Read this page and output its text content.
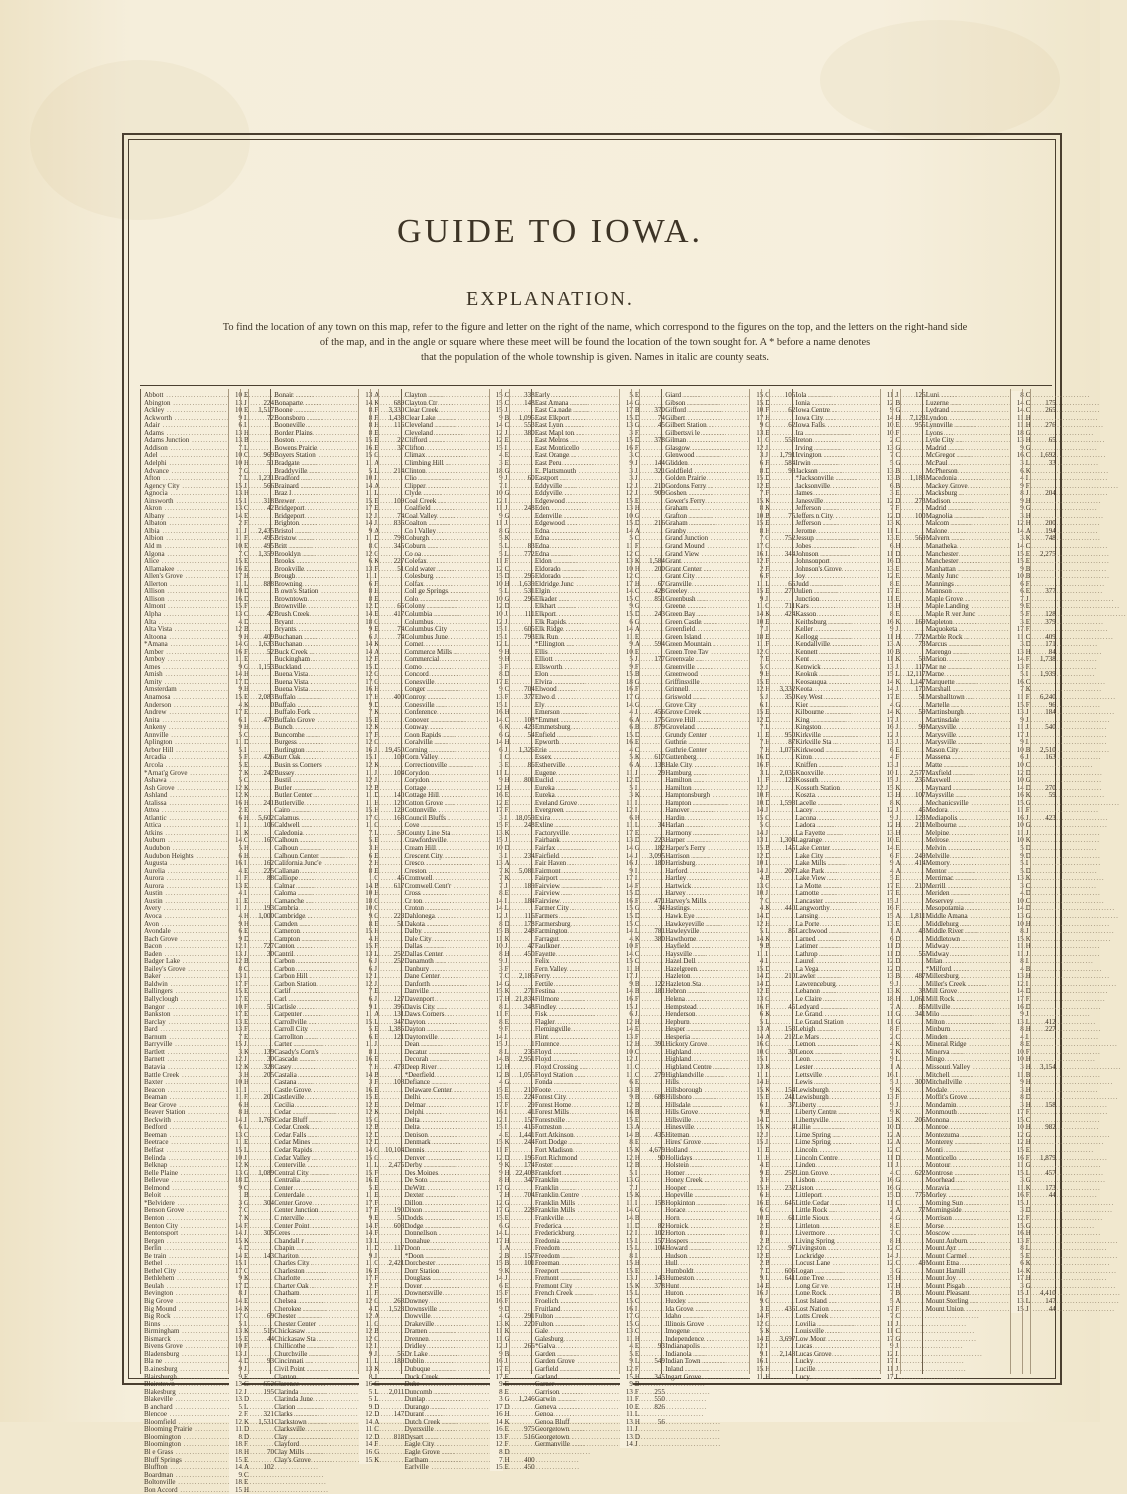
GUIDE TO IOWA.
EXPLANATION.
To find the location of any town on this map, refer to the figure and letter on the right of the name, which correspond to the figures on the top, and the letters on the right-hand side
of the map, and in the angle or square where these meet will be found the location of the town sought for. A * before a name denotes
that the population of the whole township is given. Names in italic are county seats.
Abbott .....	10 E
Abington .....	13 J	224
Ackley .....	10 E	1,517
Ackworth .....	9 I	72
Adair .....	6 I
Adams .....	13 H
Adams Junction .....	13 B
Addison .....	7 L
Adel .....	10 C	969
Adelphi .....	10 H	51
Advance .....	7 G
Afton .....	7 L	1,231
Agency City .....	15 J	566
Agnocia .....	13 H
Ainsworth .....	15 I	318
Akron .....	13 C	42
Albany .....	14 E
Albaton .....	2 F
Albia .....	11 J	2,435
Albion .....	11 F	495
Ald m .....	10 E	495
Algona .....	7 C	1,359
Alice .....	15 E
Allamakee .....	16 E
Allen's Grove .....	17 H
Allerton .....	11 L	888
Allison .....	10 D
Allison .....	16 D
Almont .....	15 F
Alpha .....	13 C	42
Alta .....	4 D
Alta Vista .....	12 B
Altoona .....	9 H	409
*Amana .....	14 G	1,633
Amber .....	16 F	52
Amboy .....	11 E
Ames .....	9 G	1,153
Amish .....	14 H
Amity .....	17 D
Amsterdam .....	9 H
Anamosa .....	15 E	2,083
Anderson .....	4 K	0
Andrew .....	17 E
Anita .....	6 I	479
Ankeny .....	9 H
Annville .....	5 C
Aplington .....	11 D
Arbor Hill .....	5 I
Arcadia .....	5 F	426
Arcola .....	5 E
*Arnat'g Grove .....	7 K	242
Ashawa .....	5 C
Ash Grove .....	12 K
Ashland .....	12 K
Atalissa .....	16 H	241
Attea .....	2 E
Atlantic .....	6 H	5,602
Attica .....	11 I	106
Atkins .....	11 K
Auburn .....	14 C	167
Audubon .....	5 H
Audubon Heights .....	6 H
Augusta .....	16 I	162
Aurelia .....	4 E	225
Aurora .....	11 F	88
Aurora .....	13 E
Austin .....	4 I
Austin .....	11 E
Avery .....	11 J	193
Avoca .....	4 H	1,000
Avon .....	9 H
Avondale .....	6 E
Bach Grove .....	9 D
Bacon .....	12 I	727
Baden .....	13 J	30
Badger Lake .....	12 B
Bailey's Grove .....	8 C
Baker .....	13 I
Baldwin .....	17 F
Ballingers .....	15 E
Ballyclough .....	17 E
Bangor .....	10 F	51
Bankston .....	17 E
Barclay .....	13 E
Bard .....	13 F
Barnum .....	7 E
Barryville .....	15 J
Bartlett .....	3 K	139
Barnett .....	12 J	30
Batavia .....	12 K	328
Battle Creek .....	3 H	205
Baxter .....	10 H
Beacon .....	11 I
Beaman .....	11 F	201
Bear Grove .....	6 H
Beaver Station .....	8 H
Beckwith .....	14 J	1,763
Bedford .....	6 L
Beeman .....	13 C
Beetrace .....	11 E
Belfast .....	15 L
Belinda .....	10 J
Belknap .....	12 K
Belle Plaine .....	13 G	1,089
Bellevue .....	18 D
Belmond .....	9 C
Beloit .....	1 B
*Belvidere .....	3 G	304
Benson Grove .....	7 C
Benton .....	7 K
Benton City .....	14 F
Bentonsport .....	14 J	305
Bergen .....	15 K
Berlin .....	4 D
Be train .....	14 E	143
Bethel .....	15 I
Bethel City .....	17 C
Bethlehem .....	9 K
Beulah .....	17 D
Bevington .....	8 J
Big Grove .....	14 E
Big Mound .....	14 K
Big Rock .....	17 G	69
Binns .....	5 I
Birmingham .....	13 K	515
Bismarck .....	15 E	44
Bivens Grove .....	10 F
Bladensburg .....	13 J
Bla ne .....	4 D	93
B.ainesburg .....	9 J
Blairsburgh .....	9 E
Blairstown .....	13 G	652
Blakesburg .....	12 J	195
Blakeville .....	13 D
B anchard .....	5 L
Blencoe .....	2 F	321
Bloomfield .....	12 K	1,531
Blooming Prairie .....	11 D
Bloomington .....	8 D
Bloomington .....	18 F
Bl e Grass .....	18 H	70
Bluff Springs .....	15 E
Bluffton .....	14 A	102
Boardman .....	9 C
Boltonville .....	18 E
Bon Accord .....	15 H
Bonair .....	13 A
Bonaparte .....	14 K	689
Boone .....	8 F	3,330
Boonsboro .....	8 F	1,438
Booneville .....	8 H	116
Border Plains .....	8 E
Boston .....	15 E	22
Bowens Prairie .....	16 E	37
Boyers Station .....	15 G
Bradgate .....	11 A
Braddyville .....	5 L	214
Bradford .....	10 I
Brainard .....	14 A
Braz l .....	11 L
Brewer .....	15 E	109
Bridgeport .....	17 E
Bridgeport .....	12 J	74
Brighton .....	14 J	836
Bristol .....	9 A
Bristow .....	11 D	798
Britt .....	8 C	345
Brooklyn .....	12 G
Brooks .....	6 K	227
Brookville .....	13 F	51
Brough .....	11 I
Browning .....	6 F
B own's Station .....	8 H
Browntown .....	8 E
Brownville .....	12 D	65
Brush Creek .....	14 E	417
Bryant .....	18 G
Bryants .....	9 E	74
Buchanan .....	6 J	74
Buchanan .....	14 K
Buck Creek .....	14 A
Buckingham .....	12 F
Buckland .....	15 D
Buena Vista .....	12 G
Buena Vista .....	17 G
Buena Vista .....	16 H
Buffalo .....	17 H	400
Buffalo .....	9 D
Buffalo Fork .....	7 K
Buffalo Grove .....	15 E
Bunch .....	12 K
Buncombe .....	17 F
Burgess .....	12 C
Burlington .....	16 J	19,450
Burr Oak .....	15 I	109
Busin ss Corners .....	12 K
Bussey .....	11 J	104
Bustil .....	12 J
Butler .....	12 B
Butler Center .....	11 D	140
Butlerville .....	11 H	120
Cairo .....	15 H	129
Calamus .....	17 G	163
Caldwell .....	11 C
Caledonia .....	7 L	59
Calhoun .....	5 E
Calhoun .....	3 H
Calhoun Center .....	6 E
California Junc'e .....	2 H
Callanan .....	8 E
Calliope .....	1 C	45
Calmar .....	14 B	617
Caloma .....	10 H
Camanche .....	18 G
Cambria .....	10 C
Cambridge .....	9 G	223
Camden .....	8 E	51
Cameron .....	15 H
Campton .....	4 H
Canton .....	15 F
Cantril .....	13 L	252
Carbon .....	6 J	252
Carbon .....	6 J
Carbon Hill .....	12 I
Carbon Station .....	12 J
Carlif .....	7 E
Carl .....	6 J	127
Carlisle .....	9 I	395
Carpenter .....	11 A	131
Carrollville .....	15 L	347
Carroll City .....	5 E	1,385
Carrollton .....	6 E	121
Carter .....	11 J
Casady's Corn's .....	8 I
Cascade .....	16 E
Casey .....	7 H	473
Castalia .....	14 B
Castana .....	3 F	108
Castle Grove .....	16 E
Castleville .....	15 E
Cecilia .....	12 E
Cedar .....	12 K
Cedar Bluff .....	15 G
Cedar Creek .....	12 B
Cedar Falls .....	12 D
Cedar Mines .....	12 D
Cedar Rapids .....	14 G 10,104
Cedar Valley .....	15 G
Centerville .....	11 L	2,475
Central City .....	15 F
Centralia .....	16 E
Center .....	5 E
Centerdale .....	11 E
Center Grove .....	17 F
Center Junction .....	17 F	190
C nterville .....	9 E	50
Center Point .....	14 F	603
Ceres .....	14 F
Chandall r .....	13 L
Chapin .....	11 D	117
Chariton .....	9 J
Charles City .....	11 C	2,421
Charleston .....	16 F
Charlotte .....	17 F
Charter Oak .....	2 F
Chatham .....	11 F
Chelsea .....	12 G	263
Cherokee .....	4 D	1,523
Chester .....	12 A
Chester Center .....	11 G
Chickasaw .....	12 B
Chickasaw Sta .....	12 C
Chillicothe .....	12 I
Churchville .....	9 J	56
Cincinnati .....	11 L	189
Civil Point .....	13 K
Clanton .....	8 J
Clarence .....	16 G
Clarinda .....	5 L	2,011
Clarinda June .....	5 L
Clarion .....	9 D
Clarks .....	12 D	147
Clarkstown .....	14 A
Clarksville .....	11 C
Clay .....	12 D	818
Clayford .....	14 F
Clay Mills .....	16 G
Clay's Grove .....	15 K
Clayton .....	15 C	338
Clayton Ctr .....	15 C	148
Clear Creek .....	15 J
Clear Lake .....	9 B	1,095
Cleveland .....	14 C	553
Cleveland .....	12 J	380
Clifford .....	12 E
Clifton .....	15 I
Climax .....	4 E
Climbing Hill .....	3 E
Clinton .....	18 G
Clio .....	9 J	60
Clipper .....	7 I
Clyde .....	10 G
Coal Creek .....	12 I
Coalfield .....	11 J	248
Coal Valley .....	9 G
Coalton .....	11 J
Co l Valley .....	8 G
Coburgh .....	5 K
Coburn .....	5 L	83
Co oa .....	5 L	772
Colefax .....	11 F
Cold water .....	12 C
Colesburg .....	15 D	295
Colfax .....	10 H	1,639
Coll ge Springs .....	5 L	531
Colo .....	10 G	296
Colony .....	12 D
Columbia .....	10 J	111
Columbus .....	12 J
Columbus City .....	15 I	605
Columbus June .....	15 I	793
Comet .....	12 L
Commerce Mills .....	9 H
Commercial .....	9 H
Como .....	3 F
Concord .....	8 D
Conesville .....	17 E
Conger .....	9 C	704
Conroy .....	13 F	377
Conesville .....	15 I
Conference .....	16 H
Conover .....	14 C	108
Conway .....	6 K	423
Coon Rapids .....	6 G	54
Coralville .....	14 H
Corning .....	6 J	1,326
Corn Valley .....	1 C
Correctionville .....	3 E	86
Corydon .....	11 L
Corydon .....	9 H	801
Cottage .....	12 H
Cottage Hill .....	16 E
Cotton Grove .....	12 E
Cottonville .....	17 F
Council Bluffs .....	3 I	18,059
Cove .....	15 F	248
County Line Sta .....	13 K
Crawfordsville .....	15 J
Cream Hill .....	10 D
Crescent City .....	3 I	234
Cresco .....	13 A
Creston .....	7 K	5,081
Cromwell .....	7 K
Cromwell Cent'r .....	7 J	189
Cross .....	8 E
Cr ton .....	14 I	184
Croton .....	14 L
Dahlonega .....	12 J	116
Dakota .....	8 D	178
Dalby .....	15 B	248
Dale City .....	11 K
Dallas .....	10 J	47
Dallas Center .....	8 H	450
Danamoth .....	9 J
Danbury .....	3 F
Dane Center .....	7 C	2,185
Danforth .....	14 G
Danville .....	15 K	271
Davenport .....	17 H 21,834
Davis City .....	8 L	348
Daws Corners .....	11 F
Dayton .....	8 E
Dayton .....	9 F
Daytonville .....	14 I
Dean .....	15 J	1
Decatur .....	8 L	235
Decorah .....	14 B	2,951
Deep River .....	12 H
*Deerfield .....	12 B	1,055
Defiance .....	4 G
Delaware Center .....	15 E	210
Delhi .....	15 E	224
Delmar .....	17 F	29
Delphi .....	16 I	41
Delta .....	12 I	157
Delta .....	15 I	416
Denison .....	4 E	1,441
Denmark .....	15 K	244
Dennis .....	11 F
Denver .....	12 D	195
Derby .....	9 K	174
Des Moines .....	9 H 22,408
De Soto .....	8 H	347
DeWitt .....	17 G
Dexter .....	7 H	704
Dillon .....	12 G
Dixon .....	17 G	228
Dodds .....	15 E
Dodge .....	6 G
Donnellson .....	14 L
Donahue .....	17 H
Doon .....	1 A
*Doon .....	2 B	157
Dorchester .....	15 B	101
Dorr Station .....	9 K
Douglass .....	14 J
Dover .....	6 E
Downersville .....	15 F
Downey .....	16 F
Downsville .....	9 D
Dowville .....	4 G	291
Drakeville .....	13 K	220
Dramen .....	11 K
Drennen .....	11 G
Dridley .....	12 J	266
Dr Lake .....	9 B
Dublin .....	16 J
Dubuque .....	17 E
Duck Creek .....	17 E
Duke .....	9 E
Duncomb .....	8 E
Dunlap .....	3 G	1,246
Durango .....	17 D
Durant .....	16 H
Dutch Creek .....	14 K
Dyersville .....	16 E	975
Dysart .....	13 F	516
Eagle City .....	12 F
Eagle Grove .....	8 D
Earlham .....	7 H	400
Earlville .....	15 E	450
Early .....	5 E
East Amana .....	14 G
East Ca.nade .....	17 B	370
East Elkport .....	15 D	74
East Lynn .....	13 G	45
East Mapl ton .....	3 F
East Melros .....	15 D	378
East Monticello .....	16 F
East Orange .....	3 C
East Peru .....	9 J	144
E. Plattsmouth .....	3 J	321
Eastport .....	3 J
Eddyville .....	12 J	210
Eddyville .....	12 J	909
Edgewood .....	15 E
Eden .....	13 H
Edenville .....	10 G
Edgewood .....	15 D	216
Edna .....	14 A
Edna .....	5 C
Edna .....	11 F
Edna .....	12 C
Eldon .....	13 K	1,584
Eldorado .....	10 H	200
Eldorado .....	12 C
Eldridge Junc .....	17 H	67
Elgin .....	14 C	428
Elkader .....	15 C	851
Elkhart .....	9 G
Elkport .....	15 D	243
Elk Rapids .....	6 G
Elk Ridge .....	14 A
Elk Run .....	11 E
*Ellington .....	9 A	594
Ellis .....	10 E
Elliott .....	5 J	177
Ellsworth .....	9 F
Elon .....	15 B
Elvira .....	18 G
Elwood .....	16 F
Elwo d .....	17 G
Ely .....	14 G
Emerson .....	4 J	456
*Emmet .....	6 A	175
Emmetsburg .....	6 B	879
Enfield .....	15 D
Epworth .....	16 E
Erie .....	4 C
Essex .....	5 K	617
Estherville .....	6 A	138
Eugene .....	11 J	29
Euclid .....	12 D
Eureka .....	5 I
Eureka .....	3 K
Eveland Grove .....	11 I
Evergreen .....	12 I
Exira .....	6 H
Exline .....	11 L	34
Factoryville .....	17 E
Fairbank .....	13 D	223
Fairfax .....	14 G	182
Fairfield .....	14 J	3,095
Fair Haven .....	16 J	180
Fairmont .....	9 I
Fairport .....	17 I
Fairview .....	14 F
Fairview .....	15 D
Fairview .....	16 F	471
Farmer City .....	15 G	34
Farmers .....	15 D
Farmersburg .....	15 C
Farmington .....	14 L	781
Farragut .....	4 K	380
Faulkner .....	10 F
Fayette .....	14 C
Felix .....	15 C
Fern Valley .....	11 H
Ferry .....	17 J
Fertile .....	9 B	122
Festina .....	14 B	181
Fillmore .....	16 F
Findley .....	15 J
Fisk .....	6 J
Flagler .....	12 H
Flemingville .....	14 E
Flint .....	13 F
Florence .....	12 H	391
Floyd .....	10 C
Floyd .....	12 J
Floyd Crossing .....	11 C
Floyd Station .....	11 C	279
Fonda .....	6 E
Foote .....	13 B
Forest City .....	9 B	688
Forest Home .....	12 B
Forest Mills .....	16 B
Forestville .....	15 E
Forreston .....	13 A
Fort Atkinson .....	14 B	435
Fort Dodge .....	8 E
Fort Madison .....	15 K	4,679
Fort Richmond .....	12 H	90
Foster .....	12 B
Frankfort .....	5 I
Franklin .....	13 G
Franklin .....	7 J
Franklin Centre .....	15 K
Franklin Mills .....	11 I	158
Franklin Mills .....	14 G
Frankville .....	14 B
Frederica .....	11 D	82
Frederickburg .....	12 I	102
Fredonia .....	15 I	157
Freedom .....	15 L	104
Freedom .....	8 I
Freeman .....	15 H
Freeport .....	15 E
Fremont .....	13 J	143
Fremont City .....	15 K	378
French Creek .....	15 L
Froelich .....	15 C
Fruitland .....	16 I
Fulton .....	17 G
Fulton .....	15 G
Gale .....	13 C
Galesburg .....	11 H
*Galva .....	4 E	93
Garden .....	5 E
Garden Grove .....	9 L	549
Garfield .....	12 F
Garland .....	15 H	345
Garner .....	9 B
Garrison .....	13 F	255
Garwin .....	11 F	550
Geneva .....	10 E	826
Genoa .....	11 L
Genoa Bluff .....	13 H	56
Georgetown .....	11 J
Georgetown .....	13 D
Germanville .....	14 J
Giard .....	15 C	105
Gibson .....	15 D
Gifford .....	10 F	62
Gilbert .....	17 H
Gilbert Station .....	9 G	62
Gilbertsvi le .....	13 E
Gilman .....	11 G	553
Glasgow .....	12 J
Glenwood .....	3 J	1,791
Glidden .....	6 F	584
Goldfield .....	8 D	99
Golden Prairie .....	15 D
Gordons Ferry .....	12 E
Goshen .....	7 F
Gower's Ferry .....	15 K
Graham .....	8 K
Grafton .....	10 B	75
Graham .....	15 E
Granby .....	8 H
Grand Junction .....	7 G	752
Grand Mound .....	17 G
Grand View .....	16 I	344
Grant .....	12 F
Grant Center .....	2 F
Grant City .....	6 F
Granville .....	11 L	66
Greeley .....	15 E	270
Greenbush .....	9 J
Greene .....	11 C	711
Green Bay .....	14 K	424
Green Castle .....	10 E
Greenfield .....	7 J
Green Island .....	18 E
Green Mountain .....	11 F
Green Tree Tav .....	12 G
Greenvale .....	7 E
Greenville .....	5 C
Greenwood .....	9 H
Griffinsville .....	15 E
Grinnell .....	12 H	3,332
Griswold .....	5 J	350
Grove City .....	6 I
Grove Creek .....	15 E
Grove Hill .....	12 D
Groveland .....	7 L
Grundy Center .....	11 E	950
Guthrie .....	7 H	87
Guthrie Center .....	7 H	1,076
Guttenberg .....	16 D
Hale City .....	16 F
Hamburg .....	3 L	2,036
Hamilton .....	11 F	123
Hamilton .....	12 J
Hamptonsburgh .....	10 F
Hampton .....	10 D	1,598
Hanover .....	14 J
Hardin .....	15 C
Harlan .....	5 G
Harmony .....	14 J
Harper .....	13 I	1,304
Harper's Ferry .....	15 B	145
Harrison .....	12 D
Harrisburg .....	10 I
Harford .....	14 J	207
Hartley .....	4 B
Hartwick .....	13 G
Harvey .....	10 J
Harvey's Mills .....	7 C
Hastings .....	4 K	440
Hawk Eye .....	14 D
Hawkeyeville .....	12 H
Hawleyville .....	5 L	85
Hawthorne .....	14 K
Hayfield .....	9 B
Haysville .....	11 I
Hazel Dell .....	4 I
Hazelgreen .....	15 D
Hazleton .....	14 D	210
Hazleton Sta .....	14 D
Hebron .....	12 E
Helena .....	13 G
Hempstead .....	16 F	45
Henderson .....	6 K
Hepburn .....	5 L
Hesper .....	13 A	153
Hesperia .....	14 A	212
Hickory Grove .....	16 G
Highland .....	10 G	30
Highland .....	15 I
Highland Centre .....	13 K
Highlandville .....	11 I
Hills .....	14 H
Hillsborough .....	15 K	154
Hillsboro .....	15 E	241
Hillsdale .....	6 I	37
Hills Grove .....	9 B
Hillsville .....	14 D
Hinesville .....	15 K	4
Hiteman .....	12 J
Hires' Grove .....	15 J
Holland .....	11 E
Hollidays .....	11 H
Holstein .....	4 E
Homer .....	9 E	252
Honey Creek .....	3 H
Hooper .....	15 H	232
Hopeville .....	6 H
Hopkinton .....	16 E	645
Horace .....	6 G
Horn .....	10 E	61
Hornick .....	2 E
Horton .....	8 I
Hospers .....	2 B
Howard .....	12 C	97
Hudson .....	12 E
Hull .....	2 B
Humboldt .....	7 D	606
Humeston .....	9 L	641
Hunt .....	14 E
Huron .....	16 J
Huxley .....	9 G
Ida Grove .....	3 E	436
Idaho .....	14 F
Illinois Grove .....	12 G
Imogene .....	5 K
Independence .....	14 E	3,697
Indianapolis .....	12 I
Indianola .....	9 I	2,148
Indian Town .....	16 I
Inland .....	15 H
Ingart Grove .....	11 H
Iola .....	11 J	126
Ionia .....	12 B
Iowa Centre .....	9 G
Iowa City .....	14 H	7,123
Iowa Falls .....	10 E	955
Ira .....	10 F
Ireton .....	2 C
Irving .....	13 G
Irvington .....	7 C
Irwin .....	5 G
Jackson .....	13 B
*Jacksonville .....	13 B	1,183
Jacksonville .....	6 B
James .....	3 E
Janesville .....	12 D	273
Jefferson .....	7 F
Jeffers n City .....	12 D	100
Jefferson .....	13 K
Jerome .....	11 L
Jessup .....	13 E	569
Jobes .....	6 H
Johnson .....	11 D
Johnsonport .....	16 D
Johnson's Grove .....	13 E
Joy .....	12 E
Judd .....	8 E
Julien .....	17 E
Junction .....	11 E
Kars .....	13 H
Kasson .....	8 E
Keithsburg .....	16 K	169
Keller .....	9 J
Kellogg .....	11 H	772
Kendallville .....	13 A	73
Kennett .....	10 B
Kent .....	11 K	59
Kenwick .....	13 J	117
Keokuk .....	15 L 12,117
Keosauqua .....	14 K	1,147
Keota .....	14 J	170
Key West .....	17 E	51
Kier .....	4 G
Kilbourne .....	14 K	59
King .....	17 J
Kingston .....	16 J	99
Kirkville .....	12 J
Kirkville Sta .....	13 J
Kirkwood .....	6 E
Kiron .....	4 F
Kniffen .....	13 J
Knoxville .....	10 I	2,577
Kossuth .....	15 J	235
Kossuth Station .....	15 K
Koszta .....	13 H	107
Lacelle .....	8 K
Lacey .....	12 J	45
Lacona .....	9 J	123
Ladora .....	12 H	211
La Fayette .....	13 H
Lagrange .....	10 E
Lake Center .....	14 E
Lake City .....	6 F	249
Lake Mills .....	9 A	414
Lake Park .....	4 A
Lake View .....	5 E
La Motte .....	17 E	210
Lamotte .....	17 E
Lancaster .....	15 J
Langworthy .....	16 F
Lansing .....	15 A	1,811
La Porte .....	13 E
Larchwood .....	1 A	43
Larned .....	6 D
Latimer .....	11 D
Lathrop .....	11 D	56
Laurel .....	12 D
La Vega .....	12 D
Lawler .....	13 B	487
Lawrenceburg .....	9 J
Lebanon .....	13 K	38
Le Claire .....	18 H	1,061
Ledyard .....	7 A	86
Le Grand .....	11 G	341
Le Grand Station .....	11 G
Lehigh .....	8 F
Le Mars .....	2 C
Lemon .....	4 K
Lenox .....	7 K
Leon .....	9 L
Lester .....	1 A
Lettsville .....	16 I
Lewis .....	5 J	300
Lewisburgh .....	9 K
Lewisburgh .....	13 F
Liberty .....	9 J
Liberty Centre .....	9 K
Libertyville .....	13 K	206
Lillie .....	10 D
Lime Spring .....	12 A
Lime Spring .....	12 A
Lincoln .....	12 C
Lincoln Centre .....	11 D
Linden .....	11 J
Linn Grove .....	4 C	622
Lisbon .....	16 G
Liston .....	16 G
Littleport .....	15 D	776
Little Cedar .....	11 C
Little Rock .....	2 A	77
Little Sioux .....	4 G
Littleton .....	8 E
Livermore .....	7 C
Living Spring .....	8 H
Livingston .....	12 C
Lockridge .....	14 J
Locust Lane .....	12 C	49
Logan .....	3 G
Lone Tree .....	15 H
Long Gr ve .....	17 H
Lone Rock .....	7 B
Lost Island .....	5 A
Lost Nation .....	17 F
Lotts Creek .....	7 C
Lovilia .....	11 J
Louisville .....	11 C
Low Moor .....	17 G
Lucas .....	9 J
Lucas Grove .....	12 I
Lucky .....	17 I
Lucille .....	11 J
Lucy .....	17 I
Luni .....	8 C
Luzerne .....	14 C	175
Lydrand .....	14 C	265
Lyndon .....	11 H
Lynnville .....	11 H	276
Lyons .....	18 G
Lytle City .....	13 H	65
Madrid .....	9 G
McGregor .....	16 C	1,692
McPaul .....	3 L	33
McPherson .....	6 K
Macedonia .....	4 I
Mackey Grove .....	9 F
Macksburg .....	8 J	204
Madison .....	9 H
Madrid .....	9 G
Magnolia .....	3 H
Malcom .....	12 H	200
Malone .....	14 A	194
Malvern .....	3 K	748
Manatheka .....	14 C
Manchester .....	15 E	2,275
Manchester .....	15 E
Manhattan .....	9 B
Manly Junc .....	10 B
Mannings .....	6 F
Mannson .....	6 E	377
Maple Grove .....	7 J
Maple Landing .....	9 E
Maple R ver Junc .....	5 F	128
Mapleton .....	3 E	379
Maquoketa .....	17 F
Marble Rock .....	11 C	409
Marcus .....	3 D	171
Marengo .....	13 H	84
Marion .....	14 F	1,738
Mar ne .....	13 F
Marne .....	5 I	1,939
Marquette .....	16 C
Marshall .....	7 K
Marshalltown .....	11 F	6,240
Martelle .....	15 F	96
Martinsburgh .....	13 J	184
Martinsdale .....	9 J
Marysville .....	11 J	540
Marysville .....	17 J
Marysville .....	9 I
Mason City .....	10 B	2,510
Massena .....	6 J	163
Matte .....	10 C
Maxfield .....	12 D
Maxwell .....	10 G
Maynard .....	14 D	270
Maysville .....	16 K	59
Mechanicsville .....	15 G
Medora .....	11 F
Mediapolis .....	16 J	423
Melbourne .....	10 G
Melpine .....	11 J
Melrose .....	10 K
Melvin .....	5 D
Melville .....	9 D
Memory .....	5 I
Mentor .....	5 D
Merrimac .....	13 K
Merrill .....	3 C
Meriden .....	4 D
Meservey .....	10 C
Mesopotamia .....	14 D
Middle Amana .....	13 G
Middleburg .....	10 H
Middle River .....	8 J
Middletown .....	15 K
Midway .....	11 H
Midway .....	11 J
Milan .....	8 I
*Milford .....	4 B
Millersburg .....	13 H
Miller's Creek .....	12 I
Mill Grove .....	14 D
Mill Rock .....	17 F
Millville .....	16 D
Milo .....	9 J
Milton .....	13 L	412
Minburn .....	8 H	227
Minden .....	4 I
Mineral Ridge .....	8 E
Minerva .....	10 F
Mingo .....	10 H
Missouri Valley .....	3 H	3,154
Mitchell .....	11 B
Mitchellville .....	9 H
Modale .....	3 H
Moffit's Grove .....	8 D
Mondamin .....	3 H	158
Monmouth .....	17 F
Monona .....	15 C
Monroe .....	10 H	982
Montezuma .....	12 G
Monterey .....	12 H
Monti .....	15 E
Monticello .....	16 F	1,879
Montour .....	11 G
Montrose .....	15 L	457
Moorhead .....	3 G
Moravia .....	11 K	173
Morley .....	16 F	44
Morning Sun .....	15 J
Morningside .....	3 D
Morrison .....	12 F
Morse .....	15 G
Moscow .....	16 H
Mount Auburn .....	13 F
Mount Ayr .....	8 L
Mount Carmel .....	5 E
Mount Etna .....	6 K
Mount Hamill .....	14 K
Mount Joy .....	17 H
Mount Pisgah .....	3 G
Mount Pleasant .....	15 J	4,410
Mount Sterling .....	13 L	147
Mount Union .....	15 J	44
